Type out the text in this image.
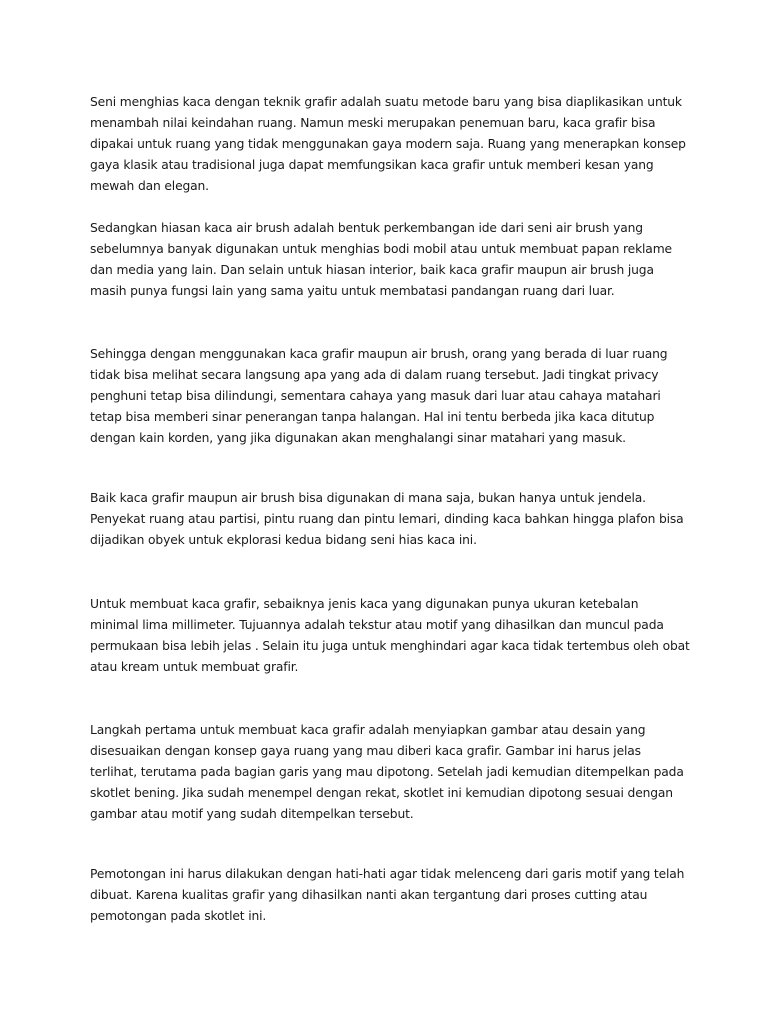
Seni menghias kaca dengan teknik grafir adalah suatu metode baru yang bisa diaplikasikan untuk menambah nilai keindahan ruang. Namun meski merupakan penemuan baru, kaca grafir bisa dipakai untuk ruang yang tidak menggunakan gaya modern saja. Ruang yang menerapkan konsep gaya klasik atau tradisional juga dapat memfungsikan kaca grafir untuk memberi kesan yang mewah dan elegan.

Sedangkan hiasan kaca air brush adalah bentuk perkembangan ide dari seni air brush yang sebelumnya banyak digunakan untuk menghias bodi mobil atau untuk membuat papan reklame dan media yang lain. Dan selain untuk hiasan interior, baik kaca grafir maupun air brush juga masih punya fungsi lain yang sama yaitu untuk membatasi pandangan ruang dari luar.

Sehingga dengan menggunakan kaca grafir maupun air brush, orang yang berada di luar ruang tidak bisa melihat secara langsung apa yang ada di dalam ruang tersebut. Jadi tingkat privacy penghuni tetap bisa dilindungi, sementara cahaya yang masuk dari luar atau cahaya matahari tetap bisa memberi sinar penerangan tanpa halangan. Hal ini tentu berbeda jika kaca ditutup dengan kain korden, yang jika digunakan akan menghalangi sinar matahari yang masuk.

Baik kaca grafir maupun air brush bisa digunakan di mana saja, bukan hanya untuk jendela. Penyekat ruang atau partisi, pintu ruang dan pintu lemari, dinding kaca bahkan hingga plafon bisa dijadikan obyek untuk ekplorasi kedua bidang seni hias kaca ini.

Untuk membuat kaca grafir, sebaiknya jenis kaca yang digunakan punya ukuran ketebalan minimal lima millimeter. Tujuannya adalah tekstur atau motif yang dihasilkan dan muncul pada permukaan bisa lebih jelas . Selain itu juga untuk menghindari agar kaca tidak tertembus oleh obat atau kream untuk membuat grafir.

Langkah pertama untuk membuat kaca grafir adalah menyiapkan gambar atau desain yang disesuaikan dengan konsep gaya ruang yang mau diberi kaca grafir. Gambar ini harus jelas terlihat, terutama pada bagian garis yang mau dipotong. Setelah jadi kemudian ditempelkan pada skotlet bening. Jika sudah menempel dengan rekat, skotlet ini kemudian dipotong sesuai dengan gambar atau motif yang sudah ditempelkan tersebut.

Pemotongan ini harus dilakukan dengan hati-hati agar tidak melenceng dari garis motif yang telah dibuat. Karena kualitas grafir yang dihasilkan nanti akan tergantung dari proses cutting atau pemotongan pada skotlet ini.
